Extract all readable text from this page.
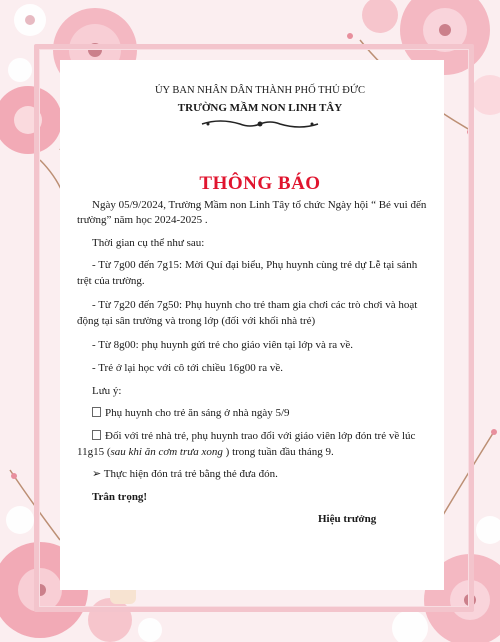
ỦY BAN NHÂN DÂN THÀNH PHỐ THỦ ĐỨC
TRƯỜNG MẦM NON LINH TÂY
THÔNG BÁO
Ngày 05/9/2024, Trường Mầm non Linh Tây tổ chức Ngày hội “ Bé vui đến
trường” năm học 2024-2025 .
Thời gian cụ thể như sau:
- Từ 7g00 đến 7g15: Mời Quí đại biểu, Phụ huynh cùng trẻ dự Lễ tại sảnh
trệt của trường.
- Từ 7g20 đến 7g50: Phụ huynh cho trẻ tham gia chơi các trò chơi và hoạt
động tại sân trường và trong lớp (đối với khối nhà trẻ)
- Từ 8g00: phụ huynh gửi trẻ cho giáo viên tại lớp và ra về.
- Trẻ ở lại học với cô tới chiều 16g00 ra về.
Lưu ý:
Phụ huynh cho trẻ ăn sáng ở nhà ngày 5/9
Đối với trẻ nhà trẻ, phụ huynh trao đổi với giáo viên lớp đón trẻ về lúc
11g15 (sau khi ăn cơm trưa xong ) trong tuần đầu tháng 9.
➢ Thực hiện đón trả trẻ bằng thẻ đưa đón.
Trân trọng!
Hiệu trưởng
